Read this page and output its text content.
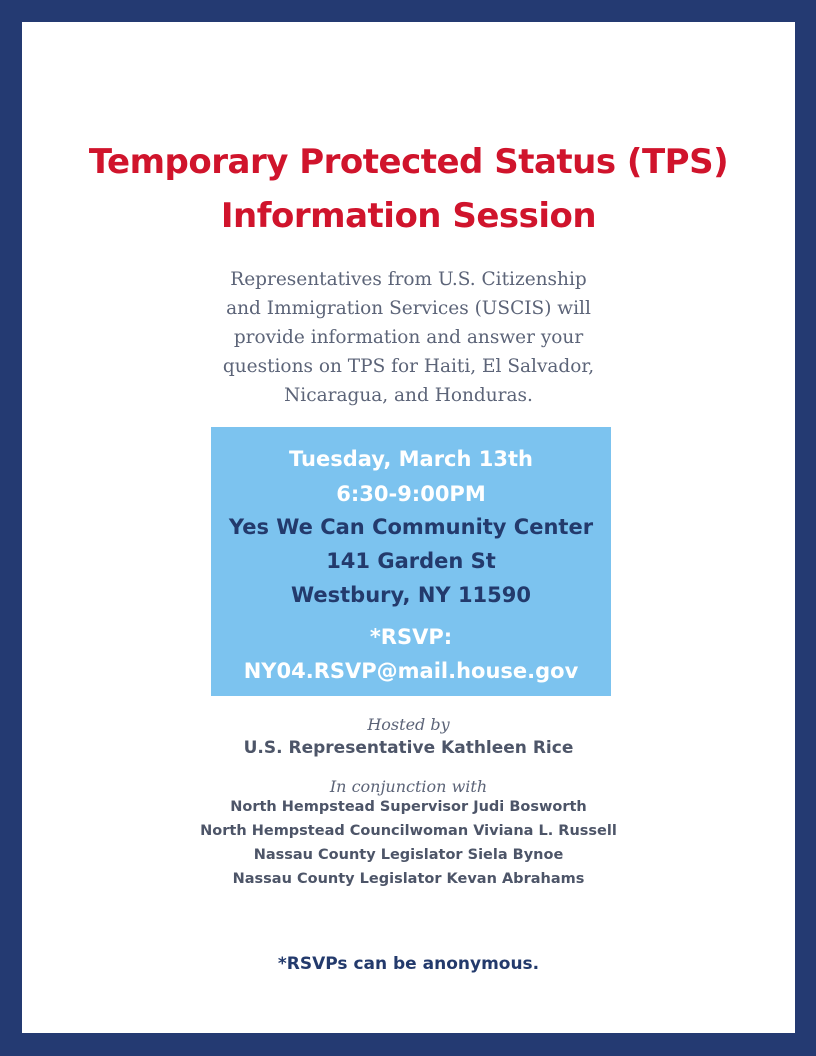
Temporary Protected Status (TPS)
Information Session
Representatives from U.S. Citizenship
and Immigration Services (USCIS) will
provide information and answer your
questions on TPS for Haiti, El Salvador,
Nicaragua, and Honduras.
Tuesday, March 13th
6:30-9:00PM
Yes We Can Community Center
141 Garden St
Westbury, NY 11590
*RSVP:
NY04.RSVP@mail.house.gov
Hosted by
U.S. Representative Kathleen Rice
In conjunction with
North Hempstead Supervisor Judi Bosworth
North Hempstead Councilwoman Viviana L. Russell
Nassau County Legislator Siela Bynoe
Nassau County Legislator Kevan Abrahams
*RSVPs can be anonymous.
